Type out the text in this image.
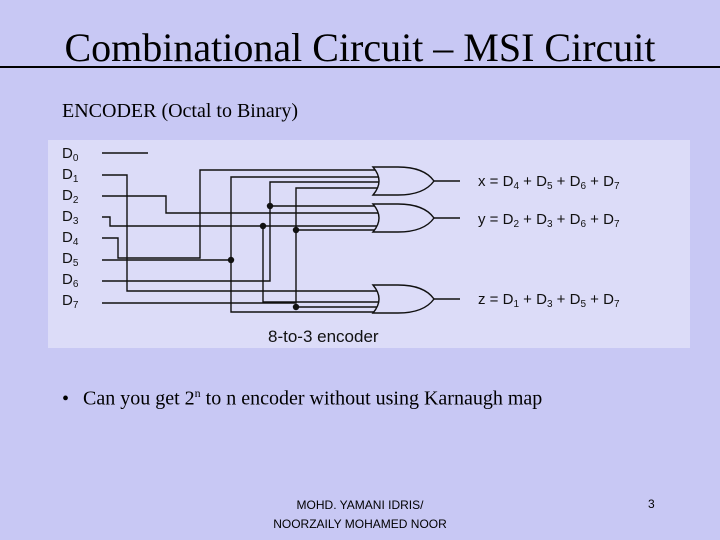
Combinational Circuit – MSI Circuit
ENCODER (Octal to Binary)
$D_0$
$D_1$
$D_2$
$D_3$
$D_4$
$D_5$
$D_6$
$D_7$
$x = D_4 + D_5 + D_6 + D_7$
$y = D_2 + D_3 + D_6 + D_7$
$z = D_1 + D_3 + D_5 + D_7$
8-to-3 encoder
• Can you get 2$^n$ to n encoder without using Karnaugh map
MOHD. YAMANI IDRIS/
NOORZAILY MOHAMED NOOR
3
